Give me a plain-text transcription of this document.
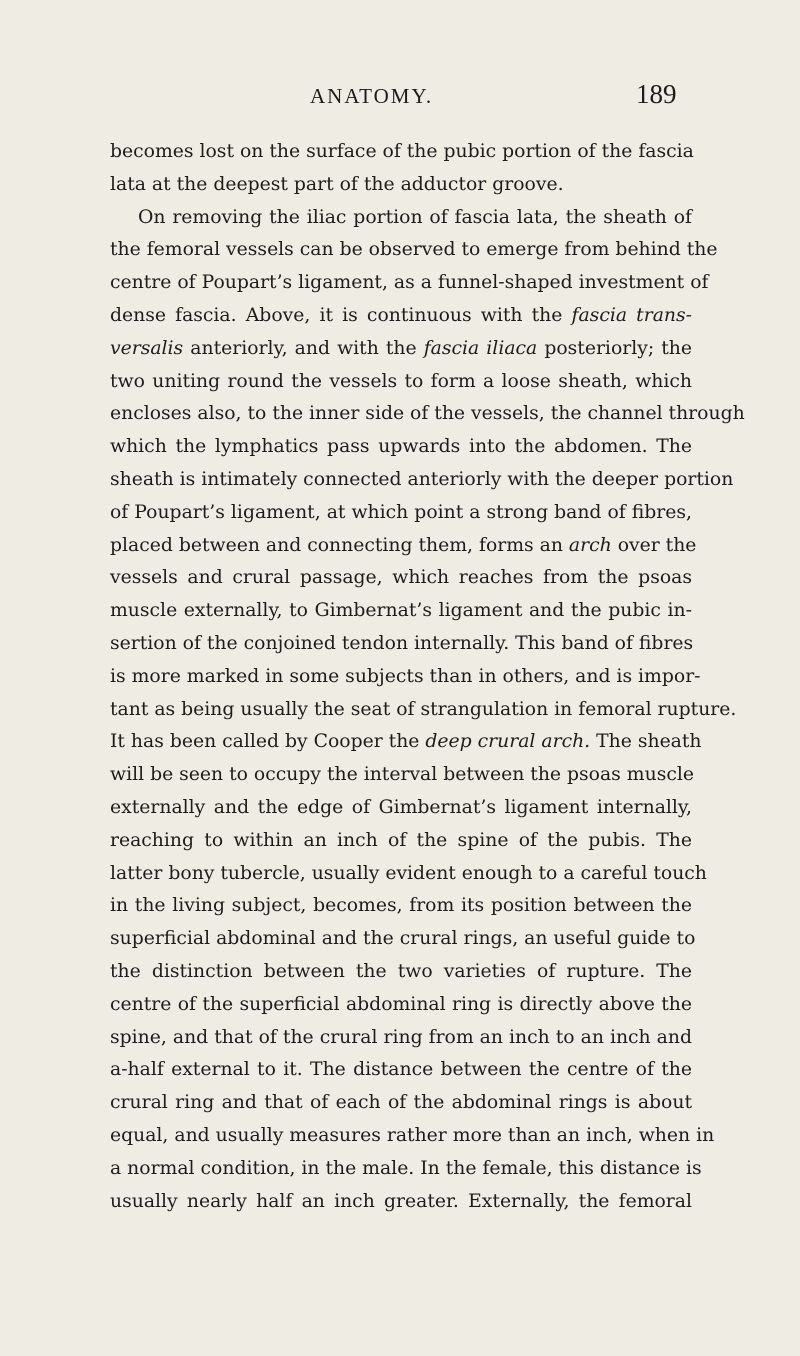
ANATOMY.	189
becomes lost on the surface of the pubic portion of the fascia
lata at the deepest part of the adductor groove.
On removing the iliac portion of fascia lata, the sheath of
the femoral vessels can be observed to emerge from behind the
centre of Poupart’s ligament, as a funnel-shaped investment of
dense fascia. Above, it is continuous with the fascia trans-
versalis anteriorly, and with the fascia iliaca posteriorly; the
two uniting round the vessels to form a loose sheath, which
encloses also, to the inner side of the vessels, the channel through
which the lymphatics pass upwards into the abdomen. The
sheath is intimately connected anteriorly with the deeper portion
of Poupart’s ligament, at which point a strong band of fibres,
placed between and connecting them, forms an arch over the
vessels and crural passage, which reaches from the psoas
muscle externally, to Gimbernat’s ligament and the pubic in-
sertion of the conjoined tendon internally. This band of fibres
is more marked in some subjects than in others, and is impor-
tant as being usually the seat of strangulation in femoral rupture.
It has been called by Cooper the deep crural arch. The sheath
will be seen to occupy the interval between the psoas muscle
externally and the edge of Gimbernat’s ligament internally,
reaching to within an inch of the spine of the pubis. The
latter bony tubercle, usually evident enough to a careful touch
in the living subject, becomes, from its position between the
superficial abdominal and the crural rings, an useful guide to
the distinction between the two varieties of rupture. The
centre of the superficial abdominal ring is directly above the
spine, and that of the crural ring from an inch to an inch and
a-half external to it. The distance between the centre of the
crural ring and that of each of the abdominal rings is about
equal, and usually measures rather more than an inch, when in
a normal condition, in the male. In the female, this distance is
usually nearly half an inch greater. Externally, the femoral
